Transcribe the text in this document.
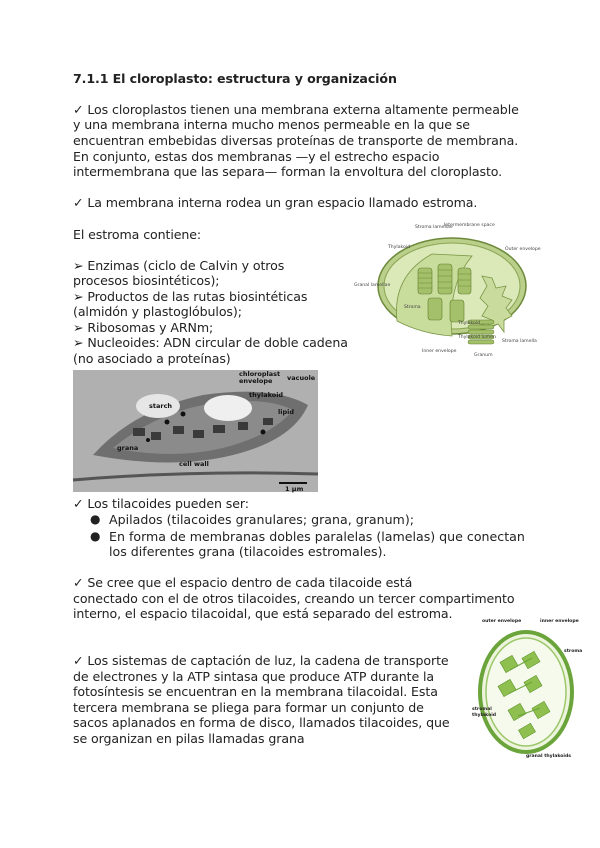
7.1.1 El cloroplasto: estructura y organización
✓ Los cloroplastos tienen una membrana externa altamente permeable
y una membrana interna mucho menos permeable en la que se
encuentran embebidas diversas proteínas de transporte de membrana.
En conjunto, estas dos membranas —y el estrecho espacio
intermembrana que las separa— forman la envoltura del cloroplasto.
✓ La membrana interna rodea un gran espacio llamado estroma.
El estroma contiene:
➢ Enzimas (ciclo de Calvin y otros
procesos biosintéticos);
➢ Productos de las rutas biosintéticas
(almidón y plastoglóbulos);
➢ Ribosomas y ARNm;
➢ Nucleoides: ADN circular de doble cadena
(no asociado a proteínas)
Stroma lamellae
Intermembrane space
Thylakoid	Outer envelope
Granal lamellae
Stroma
Thylakoid
Thylakoid lumen
Inner envelope
Granum
Stroma lamella
chloroplast
envelope vacuole
thylakoid
starch
lipid
grana
cell wall
1 μm
✓ Los tilacoides pueden ser:
● Apilados (tilacoides granulares; grana, granum);
● En forma de membranas dobles paralelas (lamelas) que conectan
los diferentes grana (tilacoides estromales).
✓ Se cree que el espacio dentro de cada tilacoide está
conectado con el de otros tilacoides, creando un tercer compartimento
interno, el espacio tilacoidal, que está separado del estroma.
✓ Los sistemas de captación de luz, la cadena de transporte
de electrones y la ATP sintasa que produce ATP durante la
fotosíntesis se encuentran en la membrana tilacoidal. Esta
tercera membrana se pliega para formar un conjunto de
sacos aplanados en forma de disco, llamados tilacoides, que
se organizan en pilas llamadas grana
outer envelope	inner envelope
stroma
stromal
thylakoid
granal thylakoids
